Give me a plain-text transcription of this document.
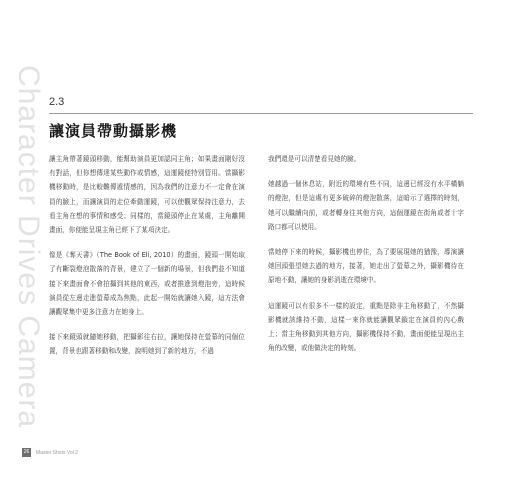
Character Drives Camera 2.3
讓演員帶動攝影機

讓主角帶著鏡頭移動，能幫助演員更加認同主角；如果畫面剛好沒有對話，但你想傳達某些動作或情感，這運鏡便特別管用。當攝影機移動時，是比較難傳遞情感的，因為我們的注意力不一定會在演員的臉上，而讓演員的走位牽動運鏡，可以使觀眾保持注意力，去看主角在想的事情和感受；同樣的，當鏡頭停止在某處，主角離開畫面，你便能呈現主角已經下了某項決定。

像是《奪天書》（The Book of Eli, 2010）的畫面，鏡頭一開始取了有斷裂燈泡散落的背景，建立了一個新的場景，但我們並不知道接下來畫面會不會拍攝到其他的東西，或者推進到燈泡旁，這時候演員從左邊走進螢幕成為焦點，此起一開始就讓她入鏡，這方法會讓觀眾集中更多注意力在她身上。

接下來鏡頭就隨她移動，把攝影往右拉，讓她保持在螢幕的同個位置，背景也跟著移動和改變，說明她到了新的地方，不過

我們還是可以清楚看見她的臉。

她越過一個休息站，附近的環境有些不同，這邊已經沒有水平橫躺的燈泡，但是這處有更多破碎的燈泡散落，這暗示了選擇的時刻，她可以繼續向前，或者轉身往其他方向，這個運鏡在街角或者十字路口都可以使用。

當她停下來的時候，攝影機也停住，為了要展現她的猶豫，導演讓她回頭張望她去過的地方，接著，她走出了螢幕之外，攝影機待在原地不動，讓她的身影消逝在環境中。

這運鏡可以有很多不一樣的設定，重點是除非主角移動了，不然攝影機就該維持不動，這樣一來你就能讓觀眾鎖定在演員的內心戲上；當主角移動到其他方向，攝影機保持不動，畫面便能呈現出主角的改變，或他做決定的時刻。

26	Master Shots Vol 2
